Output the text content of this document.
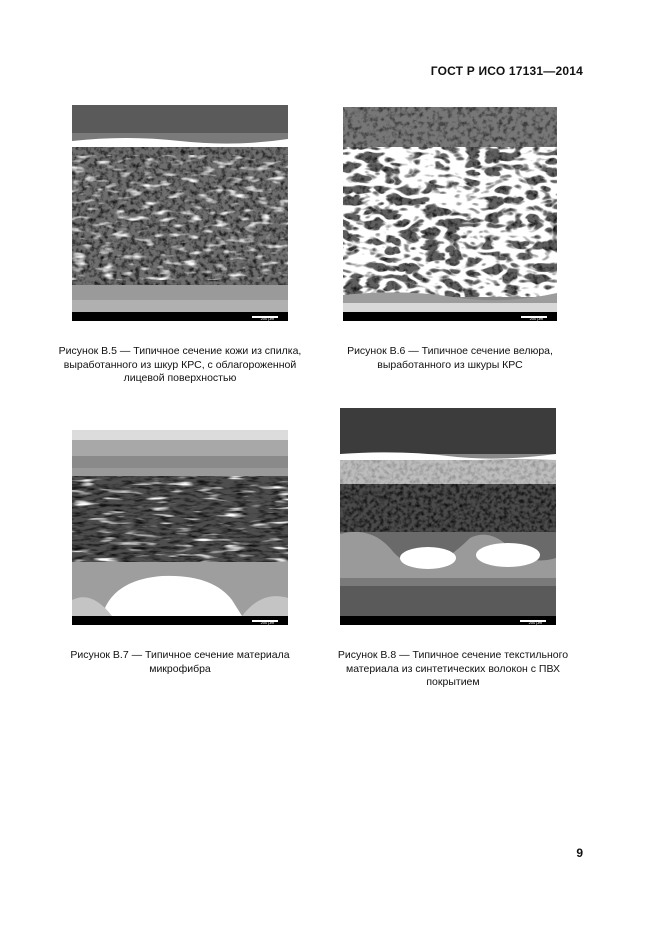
ГОСТ Р ИСО 17131—2014
200 μm
Рисунок В.5 — Типичное сечение кожи из спилка, выработанного из шкур КРС, с облагороженной лицевой поверхностью
200 μm
Рисунок В.6 — Типичное сечение велюра, выработанного из шкуры КРС
200 μm
Рисунок В.7 — Типичное сечение материала микрофибра
200 μm
Рисунок В.8 — Типичное сечение текстильного материала из синтетических волокон с ПВХ покрытием
9
